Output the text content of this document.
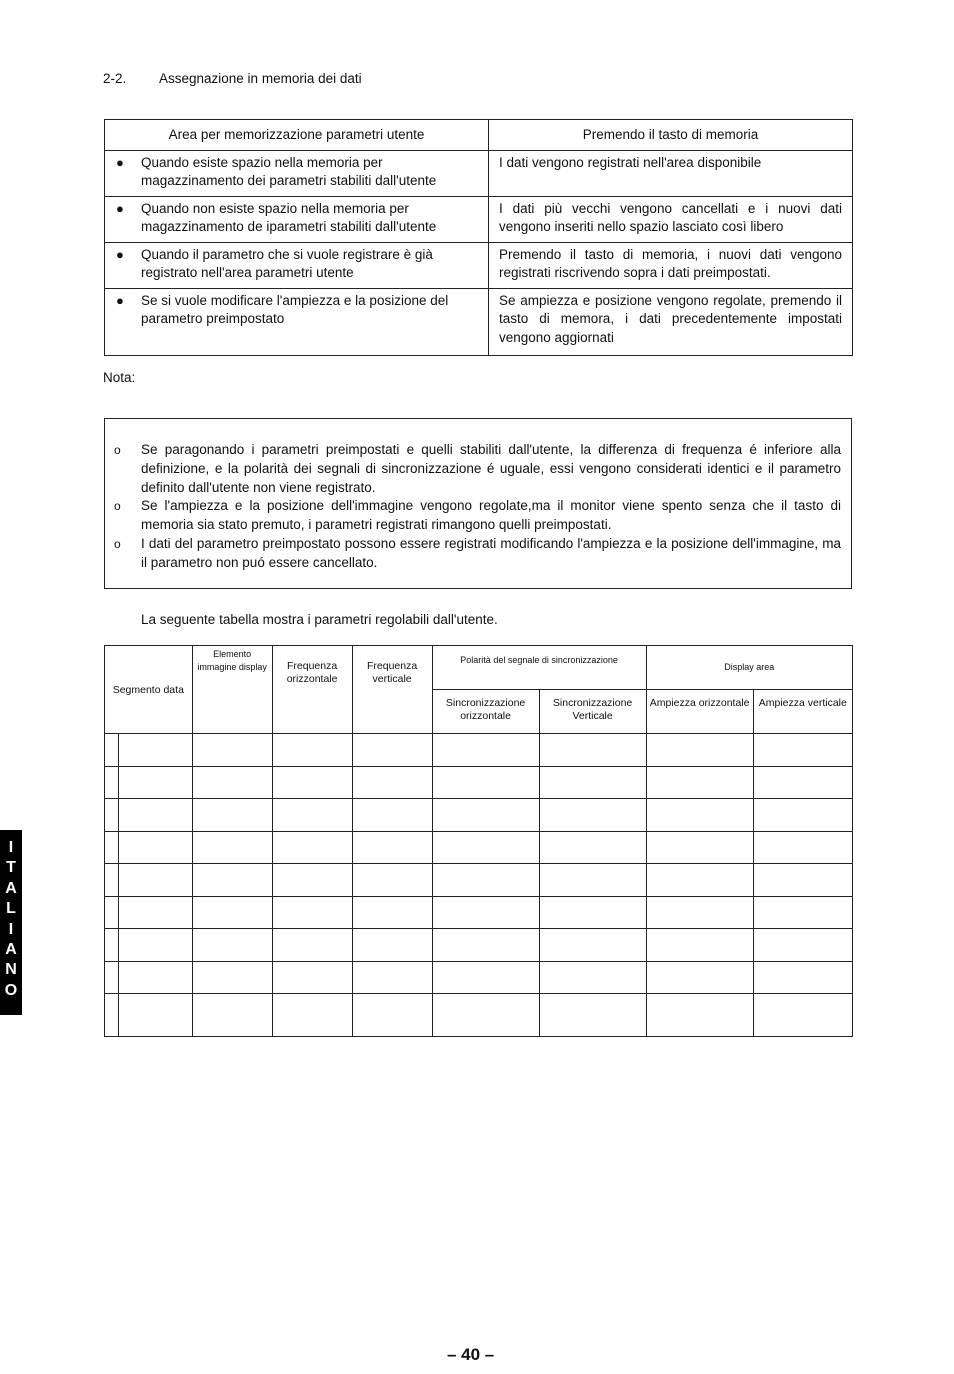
2-2. Assegnazione in memoria dei dati
Area per memorizzazione parametri utente	Premendo il tasto di memoria

● Quando esiste spazio nella memoria per magazzinamento dei parametri stabiliti dall'utente	I dati vengono registrati nell'area disponibile

● Quando non esiste spazio nella memoria per magazzinamento de iparametri stabiliti dall'utente	I dati più vecchi vengono cancellati e i nuovi dati vengono inseriti nello spazio lasciato così libero

● Quando il parametro che si vuole registrare è già registrato nell'area parametri utente	Premendo il tasto di memoria, i nuovi dati vengono registrati riscrivendo sopra i dati preimpostati.

● Se si vuole modificare l'ampiezza e la posizione del parametro preimpostato	Se ampiezza e posizione vengono regolate, premendo il tasto di memora, i dati precedentemente impostati vengono aggiornati
Nota:
o Se paragonando i parametri preimpostati e quelli stabiliti dall'utente, la differenza di frequenza é inferiore alla definizione, e la polarità dei segnali di sincronizzazione é uguale, essi vengono considerati identici e il parametro definito dall'utente non viene registrato.
o Se l'ampiezza e la posizione dell'immagine vengono regolate,ma il monitor viene spento senza che il tasto di memoria sia stato premuto, i parametri registrati rimangono quelli preimpostati.
o I dati del parametro preimpostato possono essere registrati modificando l'ampiezza e la posizione dell'immagine, ma il parametro non puó essere cancellato.
La seguente tabella mostra i parametri regolabili dall'utente.
Segmento data		Elemento immagine display	Frequenza orizzontale	Frequenza verticale	Polarità del segnale di sincronizzazione		Display area	
					Sincronizzazione orizzontale	Sincronizzazione Verticale	Ampiezza orizzontale	Ampiezza verticale

I
T
A
L
I
A
N
O
– 40 –
